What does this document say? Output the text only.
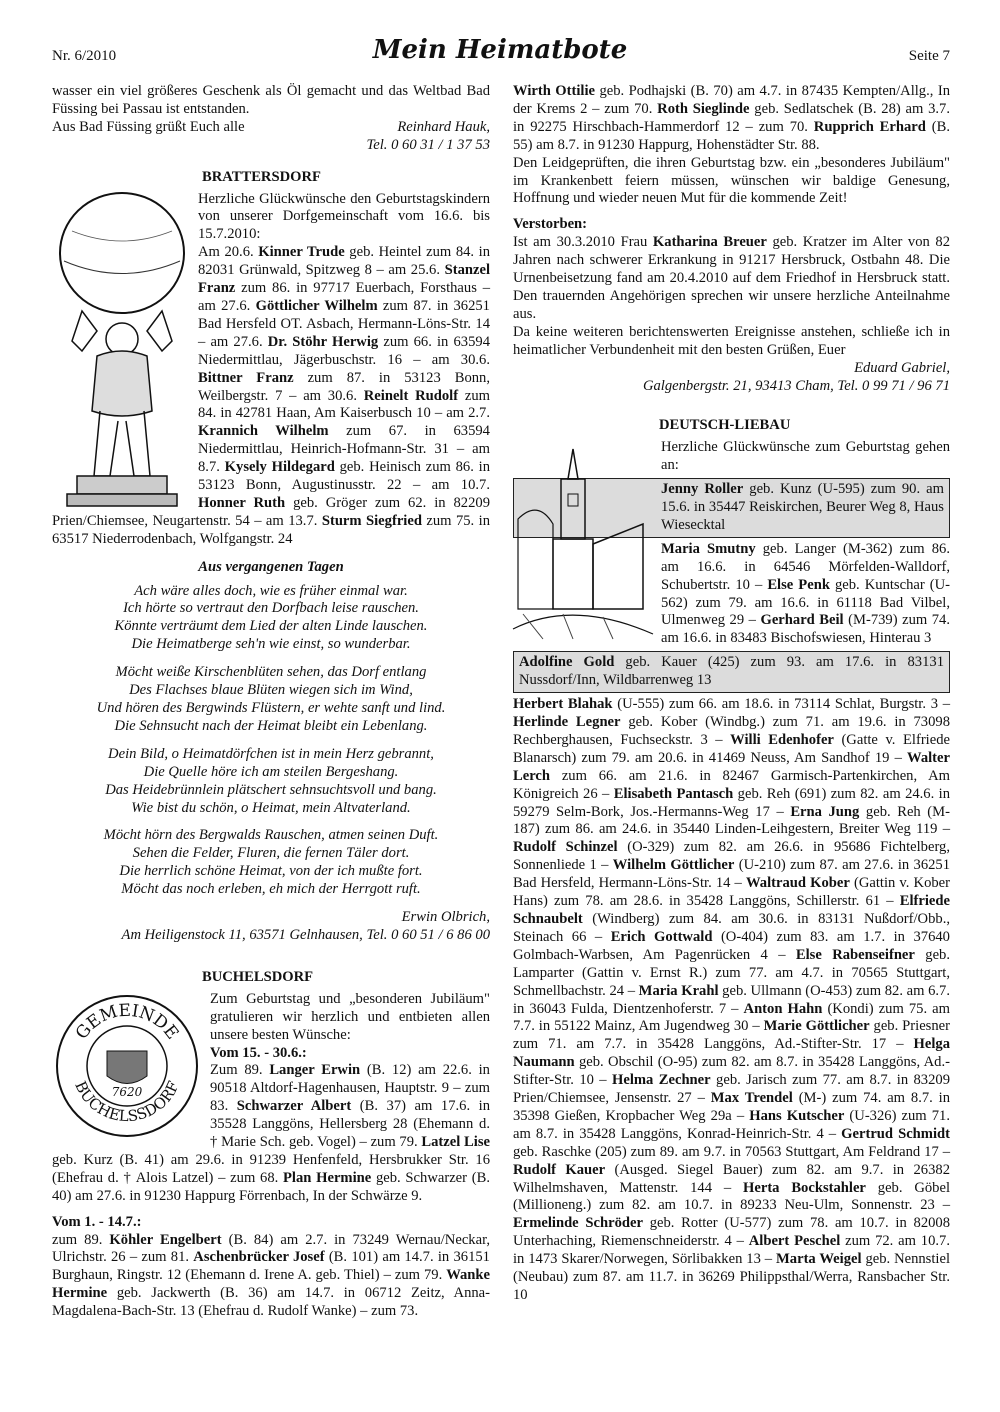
Nr. 6/2010	Mein Heimatbote	Seite 7
wasser ein viel größeres Geschenk als Öl gemacht und das Weltbad Bad Füssing bei Passau ist entstanden.
Aus Bad Füssing grüßt Euch alle	Reinhard Hauk,
Tel. 0 60 31 / 1 37 53
BRATTERSDORF
Herzliche Glückwünsche den Geburtstagskindern von unserer Dorfgemeinschaft vom 16.6. bis 15.7.2010:
Am 20.6. Kinner Trude geb. Heintel zum 84. in 82031 Grünwald, Spitzweg 8 – am 25.6. Stanzel Franz zum 86. in 97717 Euerbach, Forsthaus – am 27.6. Göttlicher Wilhelm zum 87. in 36251 Bad Hersfeld OT. Asbach, Hermann-Löns-Str. 14 – am 27.6. Dr. Stöhr Herwig zum 66. in 63594 Niedermittlau, Jägerbuschstr. 16 – am 30.6. Bittner Franz zum 87. in 53123 Bonn, Weilbergstr. 7 – am 30.6. Reinelt Rudolf zum 84. in 42781 Haan, Am Kaiserbusch 10 – am 2.7. Krannich Wilhelm zum 67. in 63594 Niedermittlau, Heinrich-Hofmann-Str. 31 – am 8.7. Kysely Hildegard geb. Heinisch zum 86. in 53123 Bonn, Augustinusstr. 22 – am 10.7. Honner Ruth geb. Gröger zum 62. in 82209 Prien/Chiemsee, Neugartenstr. 54 – am 13.7. Sturm Siegfried zum 75. in 63517 Niederrodenbach, Wolfgangstr. 24
Aus vergangenen Tagen
Ach wäre alles doch, wie es früher einmal war.
Ich hörte so vertraut den Dorfbach leise rauschen.
Könnte verträumt dem Lied der alten Linde lauschen.
Die Heimatberge seh'n wie einst, so wunderbar.
Möcht weiße Kirschenblüten sehen, das Dorf entlang
Des Flachses blaue Blüten wiegen sich im Wind,
Und hören des Bergwinds Flüstern, er wehte sanft und lind.
Die Sehnsucht nach der Heimat bleibt ein Lebenlang.
Dein Bild, o Heimatdörfchen ist in mein Herz gebrannt,
Die Quelle höre ich am steilen Bergeshang.
Das Heidebrünnlein plätschert sehnsuchtsvoll und bang.
Wie bist du schön, o Heimat, mein Altvaterland.
Möcht hörn des Bergwalds Rauschen, atmen seinen Duft.
Sehen die Felder, Fluren, die fernen Täler dort.
Die herrlich schöne Heimat, von der ich mußte fort.
Möcht das noch erleben, eh mich der Herrgott ruft.
Erwin Olbrich,
Am Heiligenstock 11, 63571 Gelnhausen, Tel. 0 60 51 / 6 86 00
BUCHELSDORF
GEMEINDE
BUCHELSSDORF
7620
Zum Geburtstag und „besonderen Jubiläum" gratulieren wir herzlich und entbieten allen unsere besten Wünsche:
Vom 15. - 30.6.:
Zum 89. Langer Erwin (B. 12) am 22.6. in 90518 Altdorf-Hagenhausen, Hauptstr. 9 – zum 83. Schwarzer Albert (B. 37) am 17.6. in 35528 Langgöns, Hellersberg 28 (Ehemann d. † Marie Sch. geb. Vogel) – zum 79. Latzel Lise geb. Kurz (B. 41) am 29.6. in 91239 Henfenfeld, Hersbrukker Str. 16 (Ehefrau d. † Alois Latzel) – zum 68. Plan Hermine geb. Schwarzer (B. 40) am 27.6. in 91230 Happurg Förrenbach, In der Schwärze 9.
Vom 1. - 14.7.:
zum 89. Köhler Engelbert (B. 84) am 2.7. in 73249 Wernau/Neckar, Ulrichstr. 26 – zum 81. Aschenbrücker Josef (B. 101) am 14.7. in 36151 Burghaun, Ringstr. 12 (Ehemann d. Irene A. geb. Thiel) – zum 79. Wanke Hermine geb. Jackwerth (B. 36) am 14.7. in 06712 Zeitz, Anna-Magdalena-Bach-Str. 13 (Ehefrau d. Rudolf Wanke) – zum 73.
Wirth Ottilie geb. Podhajski (B. 70) am 4.7. in 87435 Kempten/Allg., In der Krems 2 – zum 70. Roth Sieglinde geb. Sedlatschek (B. 28) am 3.7. in 92275 Hirschbach-Hammerdorf 12 – zum 70. Rupprich Erhard (B. 55) am 8.7. in 91230 Happurg, Hohenstädter Str. 88.
Den Leidgeprüften, die ihren Geburtstag bzw. ein „besonderes Jubiläum" im Krankenbett feiern müssen, wünschen wir baldige Genesung, Hoffnung und wieder neuen Mut für die kommende Zeit!
Verstorben:
Ist am 30.3.2010 Frau Katharina Breuer geb. Kratzer im Alter von 82 Jahren nach schwerer Erkrankung in 91217 Hersbruck, Ostbahn 48. Die Urnenbeisetzung fand am 20.4.2010 auf dem Friedhof in Hersbruck statt. Den trauernden Angehörigen sprechen wir unsere herzliche Anteilnahme aus.
Da keine weiteren berichtenswerten Ereignisse anstehen, schließe ich in heimatlicher Verbundenheit mit den besten Grüßen, Euer
Eduard Gabriel,
Galgenbergstr. 21, 93413 Cham, Tel. 0 99 71 / 96 71
DEUTSCH-LIEBAU
Herzliche Glückwünsche zum Geburtstag gehen an:
Jenny Roller geb. Kunz (U-595) zum 90. am 15.6. in 35447 Reiskirchen, Beurer Weg 8, Haus Wiesecktal
Maria Smutny geb. Langer (M-362) zum 86. am 16.6. in 64546 Mörfelden-Walldorf, Schubertstr. 10 – Else Penk geb. Kuntschar (U-562) zum 79. am 16.6. in 61118 Bad Vilbel, Ulmenweg 29 – Gerhard Beil (M-739) zum 74. am 16.6. in 83483 Bischofswiesen, Hinterau 3
Adolfine Gold geb. Kauer (425) zum 93. am 17.6. in 83131 Nussdorf/Inn, Wildbarrenweg 13
Herbert Blahak (U-555) zum 66. am 18.6. in 73114 Schlat, Burgstr. 3 – Herlinde Legner geb. Kober (Windbg.) zum 71. am 19.6. in 73098 Rechberghausen, Fuchseckstr. 3 – Willi Edenhofer (Gatte v. Elfriede Blanarsch) zum 79. am 20.6. in 41469 Neuss, Am Sandhof 19 – Walter Lerch zum 66. am 21.6. in 82467 Garmisch-Partenkirchen, Am Königreich 26 – Elisabeth Pantasch geb. Reh (691) zum 82. am 24.6. in 59279 Selm-Bork, Jos.-Hermanns-Weg 17 – Erna Jung geb. Reh (M-187) zum 86. am 24.6. in 35440 Linden-Leihgestern, Breiter Weg 119 – Rudolf Schinzel (O-329) zum 82. am 26.6. in 95686 Fichtelberg, Sonnenliede 1 – Wilhelm Göttlicher (U-210) zum 87. am 27.6. in 36251 Bad Hersfeld, Hermann-Löns-Str. 14 – Waltraud Kober (Gattin v. Kober Hans) zum 78. am 28.6. in 35428 Langgöns, Schillerstr. 61 – Elfriede Schnaubelt (Windberg) zum 84. am 30.6. in 83131 Nußdorf/Obb., Steinach 66 – Erich Gottwald (O-404) zum 83. am 1.7. in 37640 Golmbach-Warbsen, Am Pagenrücken 4 – Else Rabenseifner geb. Lamparter (Gattin v. Ernst R.) zum 77. am 4.7. in 70565 Stuttgart, Schmellbachstr. 24 – Maria Krahl geb. Ullmann (O-453) zum 82. am 6.7. in 36043 Fulda, Dientzenhoferstr. 7 – Anton Hahn (Kondi) zum 75. am 7.7. in 55122 Mainz, Am Jugendweg 30 – Marie Göttlicher geb. Priesner zum 71. am 7.7. in 35428 Langgöns, Ad.-Stifter-Str. 17 – Helga Naumann geb. Obschil (O-95) zum 82. am 8.7. in 35428 Langgöns, Ad.-Stifter-Str. 10 – Helma Zechner geb. Jarisch zum 77. am 8.7. in 83209 Prien/Chiemsee, Jensenstr. 27 – Max Trendel (M-) zum 74. am 8.7. in 35398 Gießen, Kropbacher Weg 29a – Hans Kutscher (U-326) zum 71. am 8.7. in 35428 Langgöns, Konrad-Heinrich-Str. 4 – Gertrud Schmidt geb. Raschke (205) zum 89. am 9.7. in 70563 Stuttgart, Am Feldrand 17 – Rudolf Kauer (Ausged. Siegel Bauer) zum 82. am 9.7. in 26382 Wilhelmshaven, Mattenstr. 144 – Herta Bockstahler geb. Göbel (Millioneng.) zum 82. am 10.7. in 89233 Neu-Ulm, Sonnenstr. 23 – Ermelinde Schröder geb. Rotter (U-577) zum 78. am 10.7. in 82008 Unterhaching, Riemenschneiderstr. 4 – Albert Peschel zum 72. am 10.7. in 1473 Skarer/Norwegen, Sörlibakken 13 – Marta Weigel geb. Nennstiel (Neubau) zum 87. am 11.7. in 36269 Philippsthal/Werra, Ransbacher Str. 10
